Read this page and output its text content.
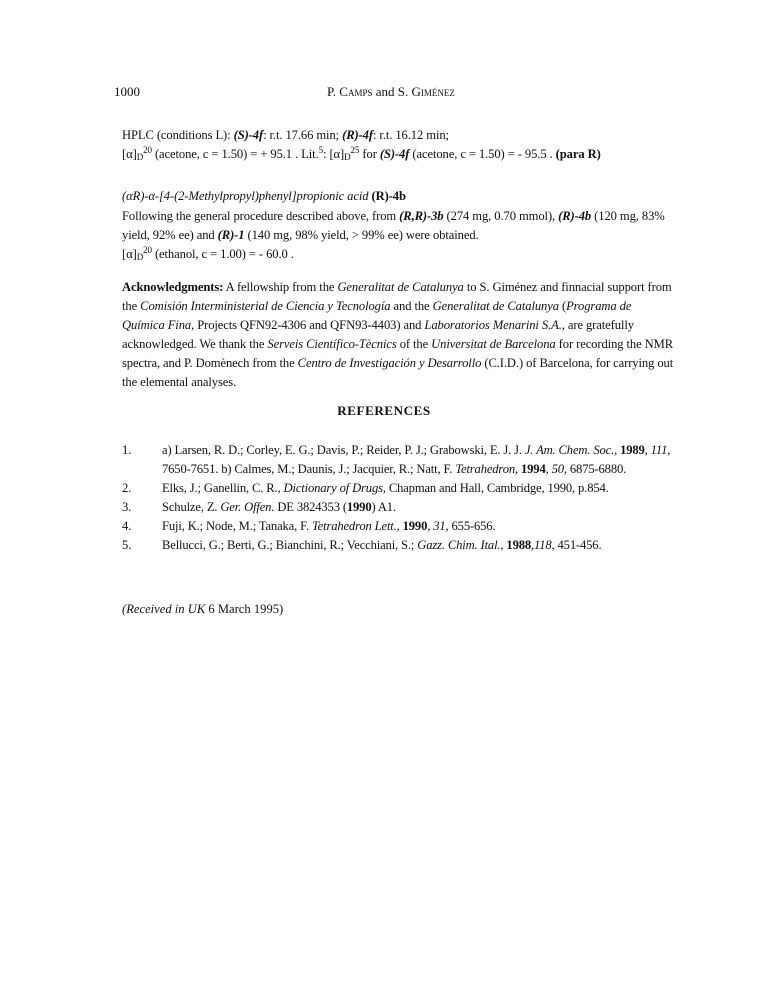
1000	P. Camps and S. Giménez
HPLC (conditions L): (S)-4f: r.t. 17.66 min; (R)-4f: r.t. 16.12 min;
$[\alpha]_D^{20}$ (acetone, c = 1.50) = + 95.1 . Lit.$^5$: $[\alpha]_D^{25}$ for (S)-4f (acetone, c = 1.50) = - 95.5 . (para R)
(αR)-α-[4-(2-Methylpropyl)phenyl]propionic acid (R)-4b
Following the general procedure described above, from (R,R)-3b (274 mg, 0.70 mmol), (R)-4b (120 mg, 83%
yield, 92% ee) and (R)-1 (140 mg, 98% yield, > 99% ee) were obtained.
$[\alpha]_D^{20}$ (ethanol, c = 1.00) = - 60.0 .
Acknowledgments: A fellowship from the Generalitat de Catalunya to S. Giménez and finnacial support from
the Comisión Interministerial de Ciencia y Tecnología and the Generalitat de Catalunya (Programa de
Química Fina, Projects QFN92-4306 and QFN93-4403) and Laboratorios Menarini S.A., are gratefully
acknowledged. We thank the Serveis Científico-Tècnics of the Universitat de Barcelona for recording the NMR
spectra, and P. Domènech from the Centro de Investigación y Desarrollo (C.I.D.) of Barcelona, for carrying out
the elemental analyses.
REFERENCES
1. a) Larsen, R. D.; Corley, E. G.; Davis, P.; Reider, P. J.; Grabowski, E. J. J. J. Am. Chem. Soc., 1989, 111,
7650-7651. b) Calmes, M.; Daunis, J.; Jacquier, R.; Natt, F. Tetrahedron, 1994, 50, 6875-6880.
2. Elks, J.; Ganellin, C. R., Dictionary of Drugs, Chapman and Hall, Cambridge, 1990, p.854.
3. Schulze, Z. Ger. Offen. DE 3824353 (1990) A1.
4. Fuji, K.; Node, M.; Tanaka, F. Tetrahedron Lett., 1990, 31, 655-656.
5. Bellucci, G.; Berti, G.; Bianchini, R.; Vecchiani, S.; Gazz. Chim. Ital., 1988,118, 451-456.
(Received in UK 6 March 1995)
